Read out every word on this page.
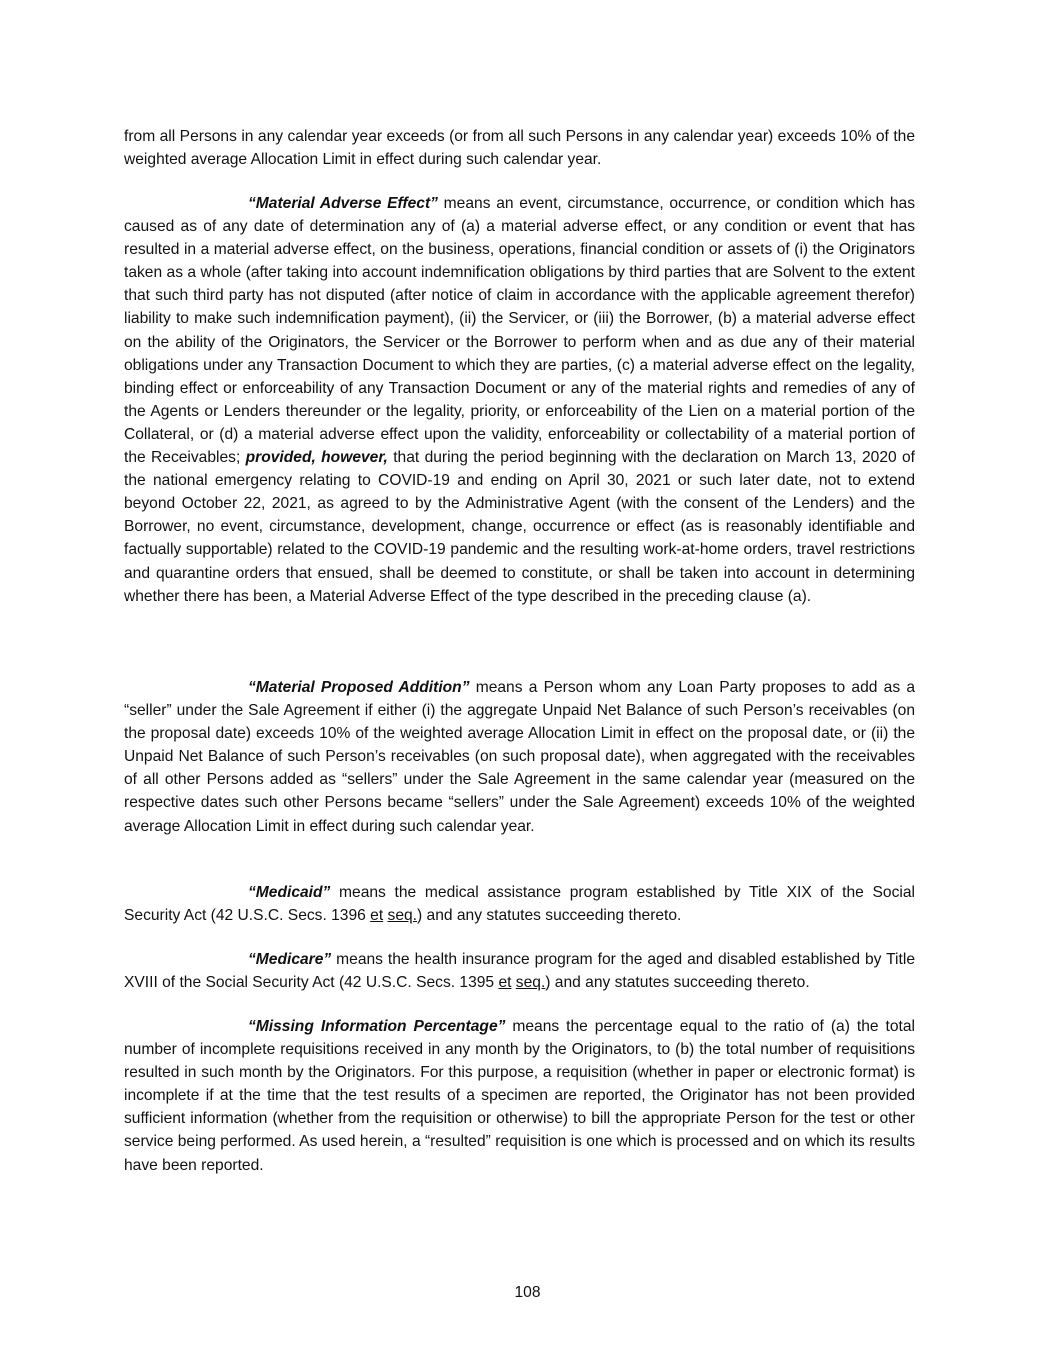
from all Persons in any calendar year exceeds (or from all such Persons in any calendar year) exceeds 10% of the weighted average Allocation Limit in effect during such calendar year.

“Material Adverse Effect” means an event, circumstance, occurrence, or condition which has caused as of any date of determination any of (a) a material adverse effect, or any condition or event that has resulted in a material adverse effect, on the business, operations, financial condition or assets of (i) the Originators taken as a whole (after taking into account indemnification obligations by third parties that are Solvent to the extent that such third party has not disputed (after notice of claim in accordance with the applicable agreement therefor) liability to make such indemnification payment), (ii) the Servicer, or (iii) the Borrower, (b) a material adverse effect on the ability of the Originators, the Servicer or the Borrower to perform when and as due any of their material obligations under any Transaction Document to which they are parties, (c) a material adverse effect on the legality, binding effect or enforceability of any Transaction Document or any of the material rights and remedies of any of the Agents or Lenders thereunder or the legality, priority, or enforceability of the Lien on a material portion of the Collateral, or (d) a material adverse effect upon the validity, enforceability or collectability of a material portion of the Receivables; provided, however, that during the period beginning with the declaration on March 13, 2020 of the national emergency relating to COVID-19 and ending on April 30, 2021 or such later date, not to extend beyond October 22, 2021, as agreed to by the Administrative Agent (with the consent of the Lenders) and the Borrower, no event, circumstance, development, change, occurrence or effect (as is reasonably identifiable and factually supportable) related to the COVID-19 pandemic and the resulting work-at-home orders, travel restrictions and quarantine orders that ensued, shall be deemed to constitute, or shall be taken into account in determining whether there has been, a Material Adverse Effect of the type described in the preceding clause (a).

“Material Proposed Addition” means a Person whom any Loan Party proposes to add as a “seller” under the Sale Agreement if either (i) the aggregate Unpaid Net Balance of such Person’s receivables (on the proposal date) exceeds 10% of the weighted average Allocation Limit in effect on the proposal date, or (ii) the Unpaid Net Balance of such Person’s receivables (on such proposal date), when aggregated with the receivables of all other Persons added as “sellers” under the Sale Agreement in the same calendar year (measured on the respective dates such other Persons became “sellers” under the Sale Agreement) exceeds 10% of the weighted average Allocation Limit in effect during such calendar year.

“Medicaid” means the medical assistance program established by Title XIX of the Social Security Act (42 U.S.C. Secs. 1396 et seq.) and any statutes succeeding thereto.

“Medicare” means the health insurance program for the aged and disabled established by Title XVIII of the Social Security Act (42 U.S.C. Secs. 1395 et seq.) and any statutes succeeding thereto.

“Missing Information Percentage” means the percentage equal to the ratio of (a) the total number of incomplete requisitions received in any month by the Originators, to (b) the total number of requisitions resulted in such month by the Originators. For this purpose, a requisition (whether in paper or electronic format) is incomplete if at the time that the test results of a specimen are reported, the Originator has not been provided sufficient information (whether from the requisition or otherwise) to bill the appropriate Person for the test or other service being performed. As used herein, a “resulted” requisition is one which is processed and on which its results have been reported.

108
